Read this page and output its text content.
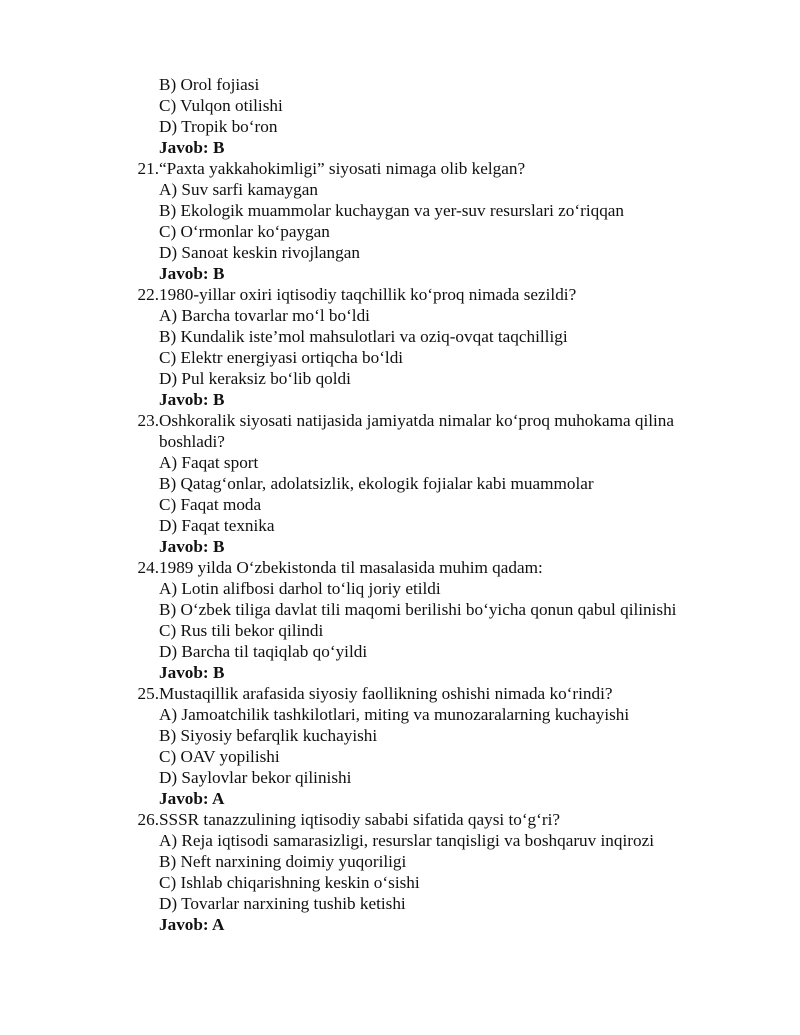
B) Orol fojiasi
C) Vulqon otilishi
D) Tropik bo‘ron
Javob: B
21. “Paxta yakkahokimligi” siyosati nimaga olib kelgan?
A) Suv sarfi kamaygan
B) Ekologik muammolar kuchaygan va yer-suv resurslari zo‘riqqan
C) O‘rmonlar ko‘paygan
D) Sanoat keskin rivojlangan
Javob: B
22. 1980-yillar oxiri iqtisodiy taqchillik ko‘proq nimada sezildi?
A) Barcha tovarlar mo‘l bo‘ldi
B) Kundalik iste’mol mahsulotlari va oziq-ovqat taqchilligi
C) Elektr energiyasi ortiqcha bo‘ldi
D) Pul keraksiz bo‘lib qoldi
Javob: B
23. Oshkoralik siyosati natijasida jamiyatda nimalar ko‘proq muhokama qilina
boshladi?
A) Faqat sport
B) Qatag‘onlar, adolatsizlik, ekologik fojialar kabi muammolar
C) Faqat moda
D) Faqat texnika
Javob: B
24. 1989 yilda O‘zbekistonda til masalasida muhim qadam:
A) Lotin alifbosi darhol to‘liq joriy etildi
B) O‘zbek tiliga davlat tili maqomi berilishi bo‘yicha qonun qabul qilinishi
C) Rus tili bekor qilindi
D) Barcha til taqiqlab qo‘yildi
Javob: B
25. Mustaqillik arafasida siyosiy faollikning oshishi nimada ko‘rindi?
A) Jamoatchilik tashkilotlari, miting va munozaralarning kuchayishi
B) Siyosiy befarqlik kuchayishi
C) OAV yopilishi
D) Saylovlar bekor qilinishi
Javob: A
26. SSSR tanazzulining iqtisodiy sababi sifatida qaysi to‘g‘ri?
A) Reja iqtisodi samarasizligi, resurslar tanqisligi va boshqaruv inqirozi
B) Neft narxining doimiy yuqoriligi
C) Ishlab chiqarishning keskin o‘sishi
D) Tovarlar narxining tushib ketishi
Javob: A
